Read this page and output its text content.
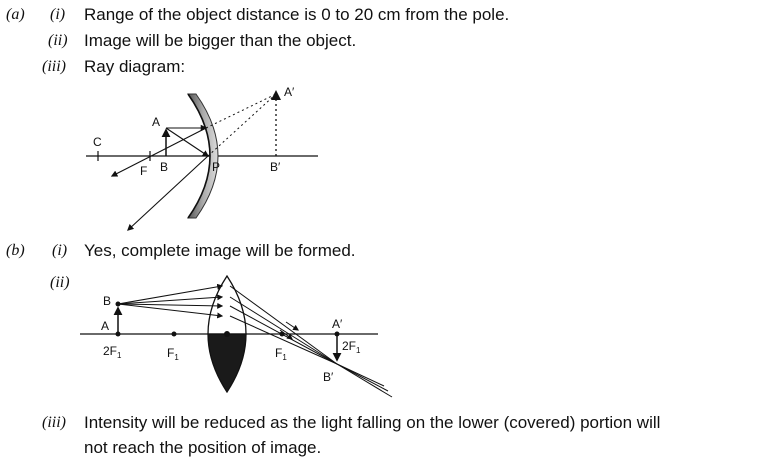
(a) (i) Range of the object distance is 0 to 20 cm from the pole.
(ii) Image will be bigger than the object.
(iii) Ray diagram:
(b) (i) Yes, complete image will be formed.
(ii)
(iii) Intensity will be reduced as the light falling on the lower (covered) portion will
not reach the position of image.
C
F B
A
P	B′
A′
B
A
$2F_1$	$F_1$	$F_1$
$2F_1$
A′
B′
